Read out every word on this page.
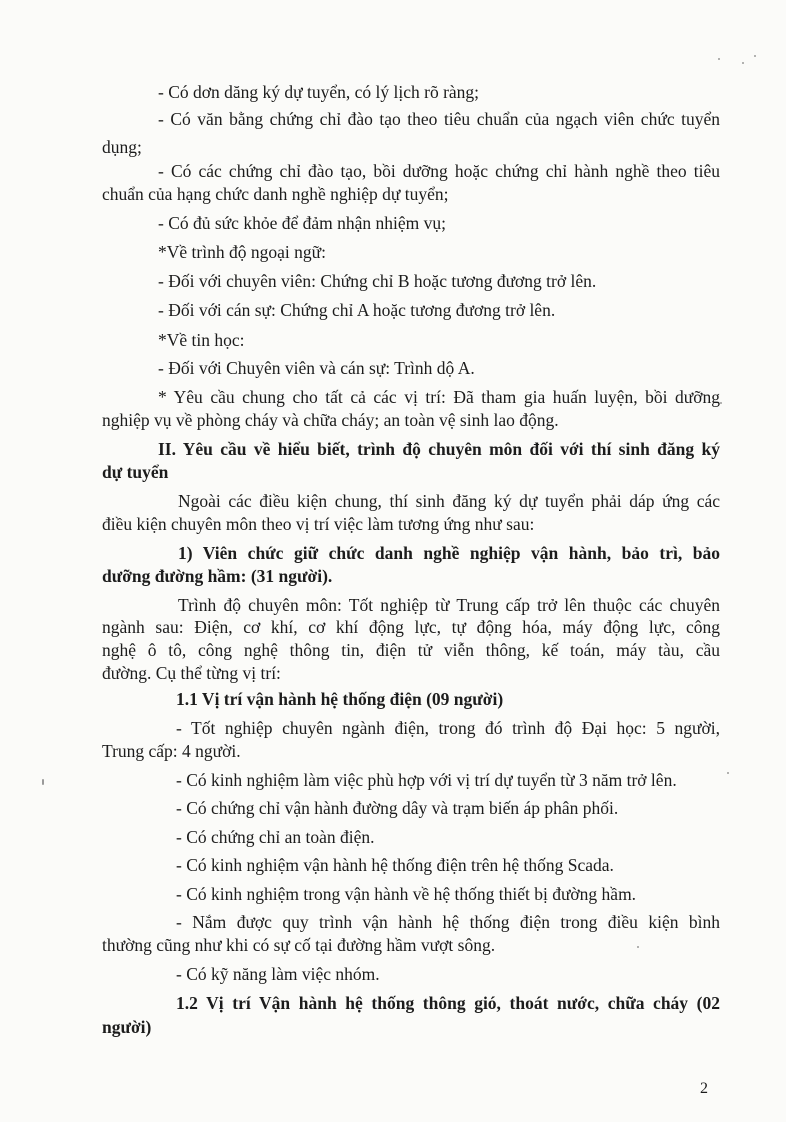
- Có dơn dăng ký dự tuyển, có lý lịch rõ ràng;
- Có văn bằng chứng chỉ đào tạo theo tiêu chuẩn của ngạch viên chức tuyển
dụng;
- Có các chứng chỉ đào tạo, bồi dưỡng hoặc chứng chỉ hành nghề theo tiêu
chuẩn của hạng chức danh nghề nghiệp dự tuyển;
- Có đủ sức khỏe để đảm nhận nhiệm vụ;
*Về trình độ ngoại ngữ:
- Đối với chuyên viên: Chứng chỉ B hoặc tương đương trở lên.
- Đối với cán sự: Chứng chỉ A hoặc tương đương trở lên.
*Về tin học:
- Đối với Chuyên viên và cán sự: Trình dộ A.
* Yêu cầu chung cho tất cả các vị trí: Đã tham gia huấn luyện, bồi dưỡng
nghiệp vụ về phòng cháy và chữa cháy; an toàn vệ sinh lao động.
II. Yêu cầu về hiểu biết, trình độ chuyên môn đối với thí sinh đăng ký
dự tuyển
Ngoài các điều kiện chung, thí sinh đăng ký dự tuyển phải dáp ứng các
điều kiện chuyên môn theo vị trí việc làm tương ứng như sau:
1) Viên chức giữ chức danh nghề nghiệp vận hành, bảo trì, bảo
dưỡng đường hầm: (31 người).
Trình độ chuyên môn: Tốt nghiệp từ Trung cấp trở lên thuộc các chuyên
ngành sau: Điện, cơ khí, cơ khí động lực, tự động hóa, máy động lực, công
nghệ ô tô, công nghệ thông tin, điện tử viễn thông, kế toán, máy tàu, cầu
đường. Cụ thể từng vị trí:
1.1 Vị trí vận hành hệ thống điện (09 người)
- Tốt nghiệp chuyên ngành điện, trong đó trình độ Đại học: 5 người,
Trung cấp: 4 người.
- Có kinh nghiệm làm việc phù hợp với vị trí dự tuyển từ 3 năm trở lên.
- Có chứng chỉ vận hành đường dây và trạm biến áp phân phối.
- Có chứng chỉ an toàn điện.
- Có kinh nghiệm vận hành hệ thống điện trên hệ thống Scada.
- Có kinh nghiệm trong vận hành về hệ thống thiết bị đường hầm.
- Nắm được quy trình vận hành hệ thống điện trong điều kiện bình
thường cũng như khi có sự cố tại đường hầm vượt sông.
- Có kỹ năng làm việc nhóm.
1.2 Vị trí Vận hành hệ thống thông gió, thoát nước, chữa cháy (02
người)
2
